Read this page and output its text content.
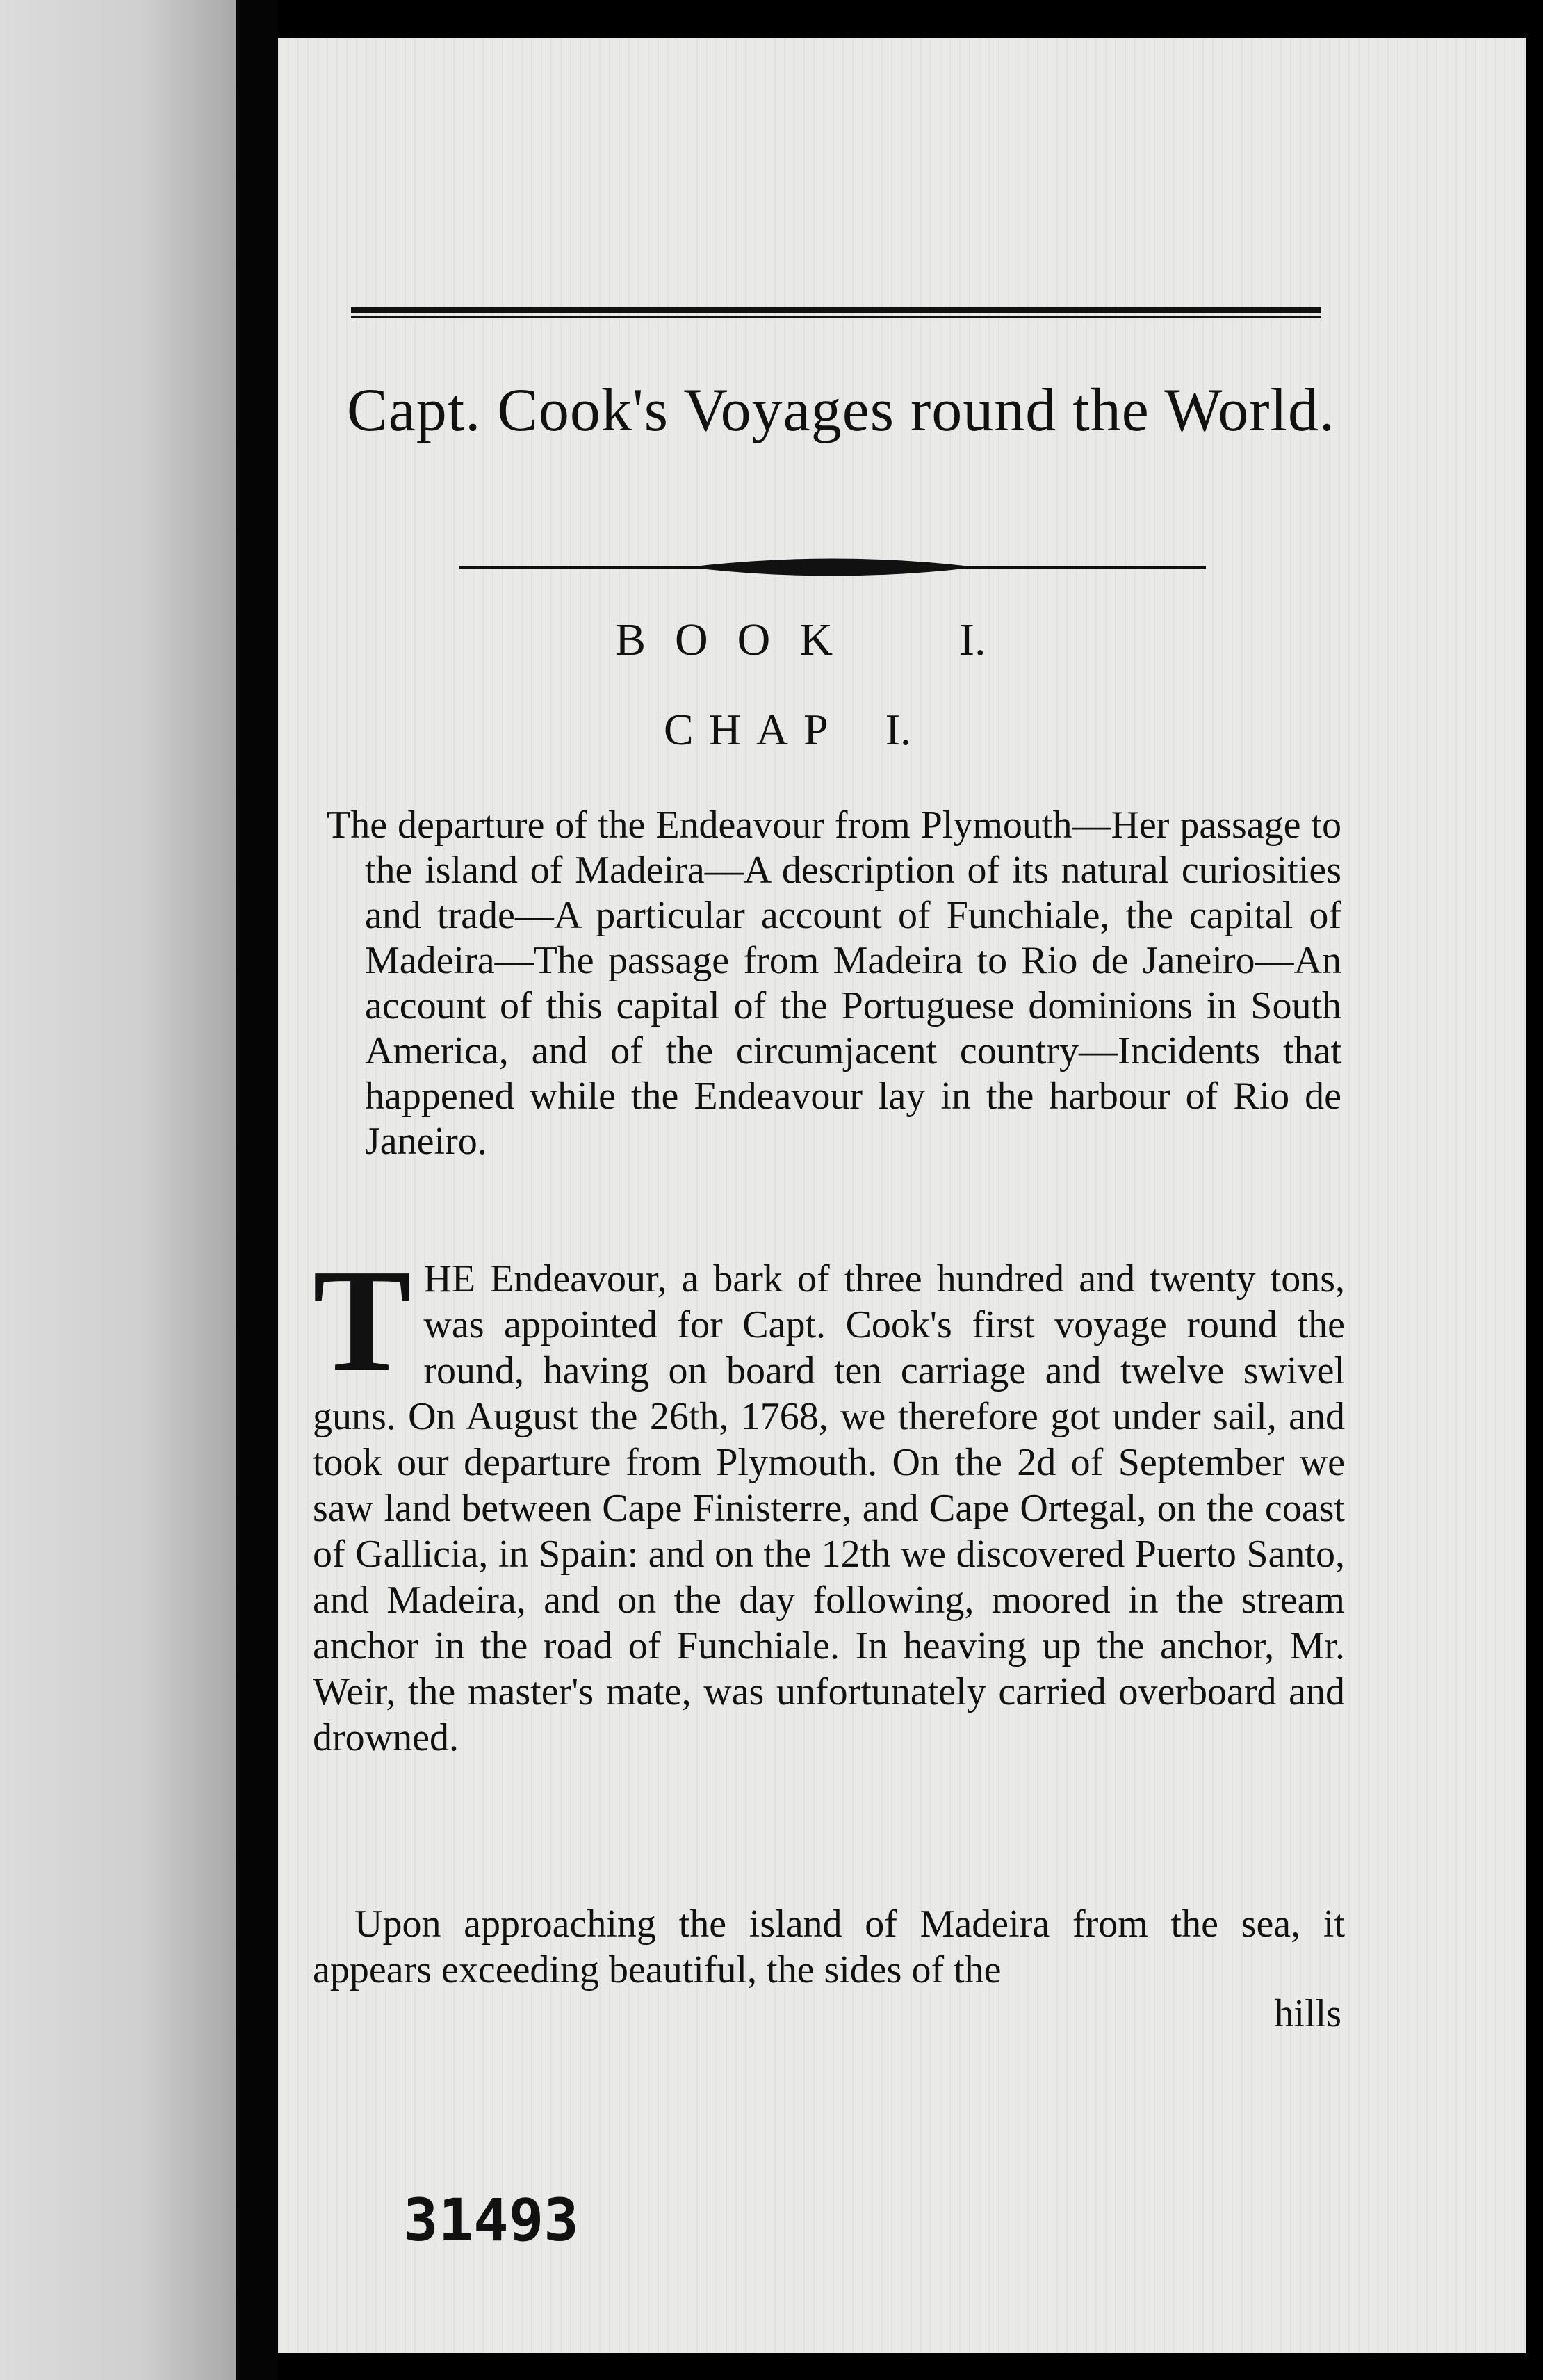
Capt. Cook's Voyages round the World.
BOOK I.
CHAP I.

The departure of the Endeavour from Plymouth—Her passage to the island of Madeira—A description of its natural curiosities and trade—A particular account of Funchiale, the capital of Madeira—The passage from Madeira to Rio de Janeiro—An account of this capital of the Portuguese dominions in South America, and of the circumjacent country—Incidents that happened while the Endeavour lay in the harbour of Rio de Janeiro.

THE Endeavour, a bark of three hundred and twenty tons, was appointed for Capt. Cook's first voyage round the round, having on board ten carriage and twelve swivel guns. On August the 26th, 1768, we therefore got under sail, and took our departure from Plymouth. On the 2d of September we saw land between Cape Finisterre, and Cape Ortegal, on the coast of Gallicia, in Spain: and on the 12th we discovered Puerto Santo, and Madeira, and on the day following, moored in the stream anchor in the road of Funchiale. In heaving up the anchor, Mr. Weir, the master's mate, was unfortunately carried overboard and drowned.

Upon approaching the island of Madeira from the sea, it appears exceeding beautiful, the sides of the

hills
31493
